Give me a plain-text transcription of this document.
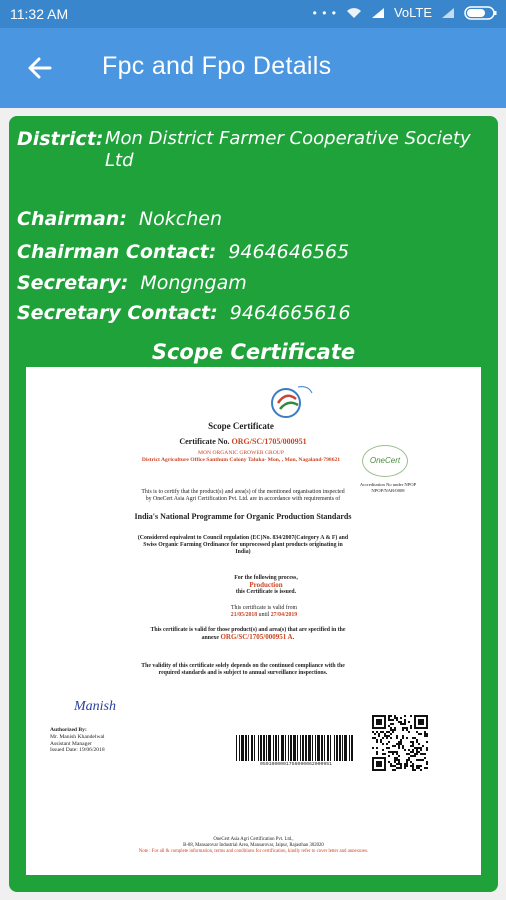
11:32 AM	• • •	VoLTE
Fpc and Fpo Details
District: Mon District Farmer Cooperative Society Ltd
Chairman: Nokchen
Chairman Contact: 9464646565
Secretary: Mongngam
Secretary Contact: 9464665616
Scope Certificate
Scope Certificate
Certificate No. ORG/SC/1705/000951
MON ORGANIC GROWER GROUP
District Agriculture Office Santhum Colony Taluka- Mon, , Mon, Nagaland-798621
This is to certify that the product(s) and area(s) of the mentioned organisation inspected by OneCert Asia Agri Certification Pvt. Ltd. are in accordance with requirements of
India's National Programme for Organic Production Standards
(Considered equivalent to Council regulation (EC)No. 834/2007(Category A & F) and Swiss Organic Farming Ordinance for unprocessed plant products originating in India)
For the following process,
Production
this Certificate is issued.
This certificate is valid from
21/05/2018 until 27/04/2019
This certificate is valid for those product(s) and area(s) that are specified in the annexe ORG/SC/1705/000951 A.
The validity of this certificate solely depends on the continued compliance with the required standards and is subject to annual surveillance inspections.
OneCert
Accreditation No under NPOP NPOP/NAB/0008
Manish
Authorized By:
Mr. Manish Khandelwal
Assistant Manager
Issued Date: 19/06/2018
0501000001756000062000951
OneCert Asia Agri Certification Pvt. Ltd.,
B-88, Mansarovar Industrial Area, Mansarovar, Jaipur, Rajasthan 302020
Note : For all & complete information, terms and conditions for certification, kindly refer to cover letter and annexures.
